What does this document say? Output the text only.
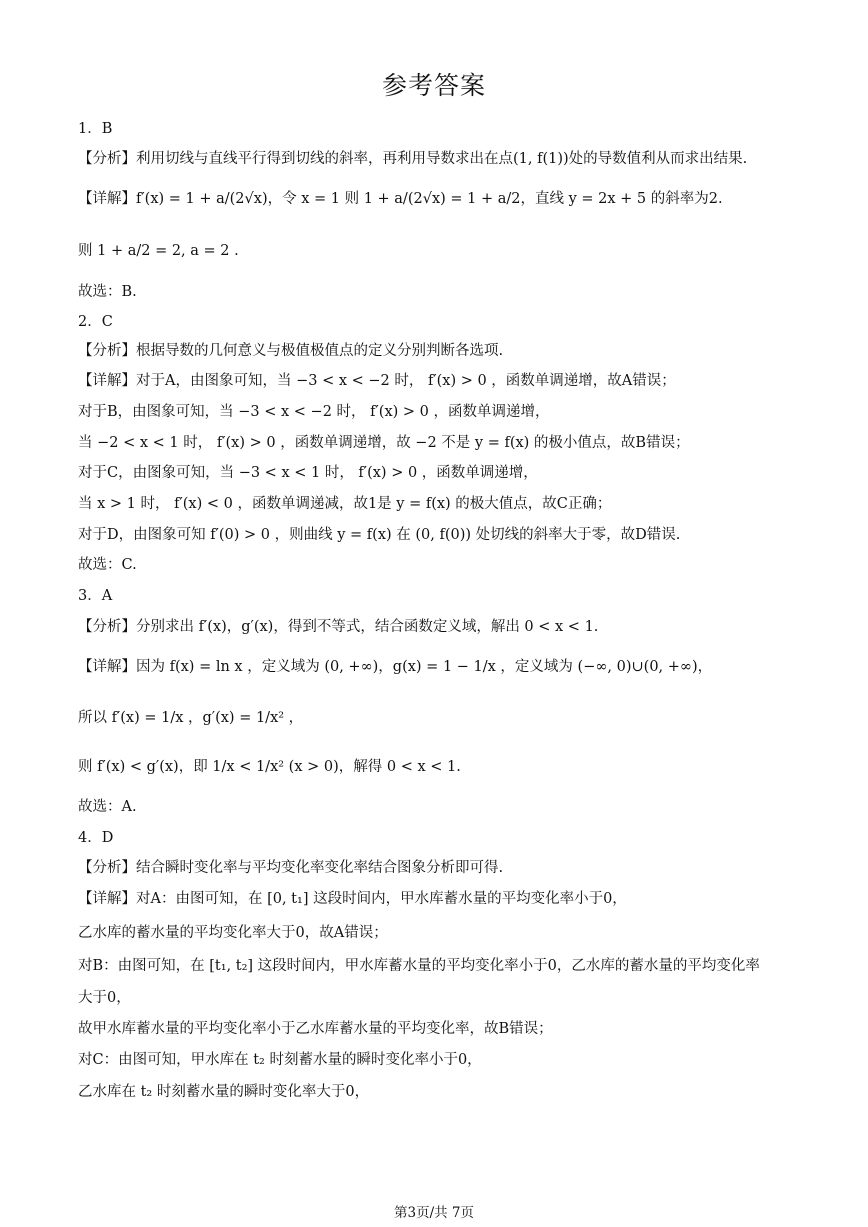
参考答案
1．B
【分析】利用切线与直线平行得到切线的斜率，再利用导数求出在点(1, f(1))处的导数值利从而求出结果.
【详解】f′(x) = 1 + a/(2√x)，令 x = 1 则 1 + a/(2√x) = 1 + a/2，直线 y = 2x + 5 的斜率为2.
则 1 + a/2 = 2, a = 2 .
故选：B.
2．C
【分析】根据导数的几何意义与极值极值点的定义分别判断各选项.
【详解】对于A，由图象可知，当 −3 < x < −2 时， f′(x) > 0 ，函数单调递增，故A错误；
对于B，由图象可知，当 −3 < x < −2 时， f′(x) > 0 ，函数单调递增，
当 −2 < x < 1 时， f′(x) > 0 ，函数单调递增，故 −2 不是 y = f(x) 的极小值点，故B错误；
对于C，由图象可知，当 −3 < x < 1 时， f′(x) > 0 ，函数单调递增，
当 x > 1 时， f′(x) < 0 ，函数单调递减，故1是 y = f(x) 的极大值点，故C正确；
对于D，由图象可知 f′(0) > 0 ，则曲线 y = f(x) 在 (0, f(0)) 处切线的斜率大于零，故D错误.
故选：C.
3．A
【分析】分别求出 f′(x)，g′(x)，得到不等式，结合函数定义域，解出 0 < x < 1.
【详解】因为 f(x) = ln x ，定义域为 (0, +∞)，g(x) = 1 − 1/x ，定义域为 (−∞, 0)∪(0, +∞)，
所以 f′(x) = 1/x ，g′(x) = 1/x² ，
则 f′(x) < g′(x)，即 1/x < 1/x² (x > 0)，解得 0 < x < 1.
故选：A.
4．D
【分析】结合瞬时变化率与平均变化率变化率结合图象分析即可得.
【详解】对A：由图可知，在 [0, t₁] 这段时间内，甲水库蓄水量的平均变化率小于0，
乙水库的蓄水量的平均变化率大于0，故A错误；
对B：由图可知，在 [t₁, t₂] 这段时间内，甲水库蓄水量的平均变化率小于0，乙水库的蓄水量的平均变化率
大于0，
故甲水库蓄水量的平均变化率小于乙水库蓄水量的平均变化率，故B错误；
对C：由图可知，甲水库在 t₂ 时刻蓄水量的瞬时变化率小于0，
乙水库在 t₂ 时刻蓄水量的瞬时变化率大于0，
第3页/共 7页
